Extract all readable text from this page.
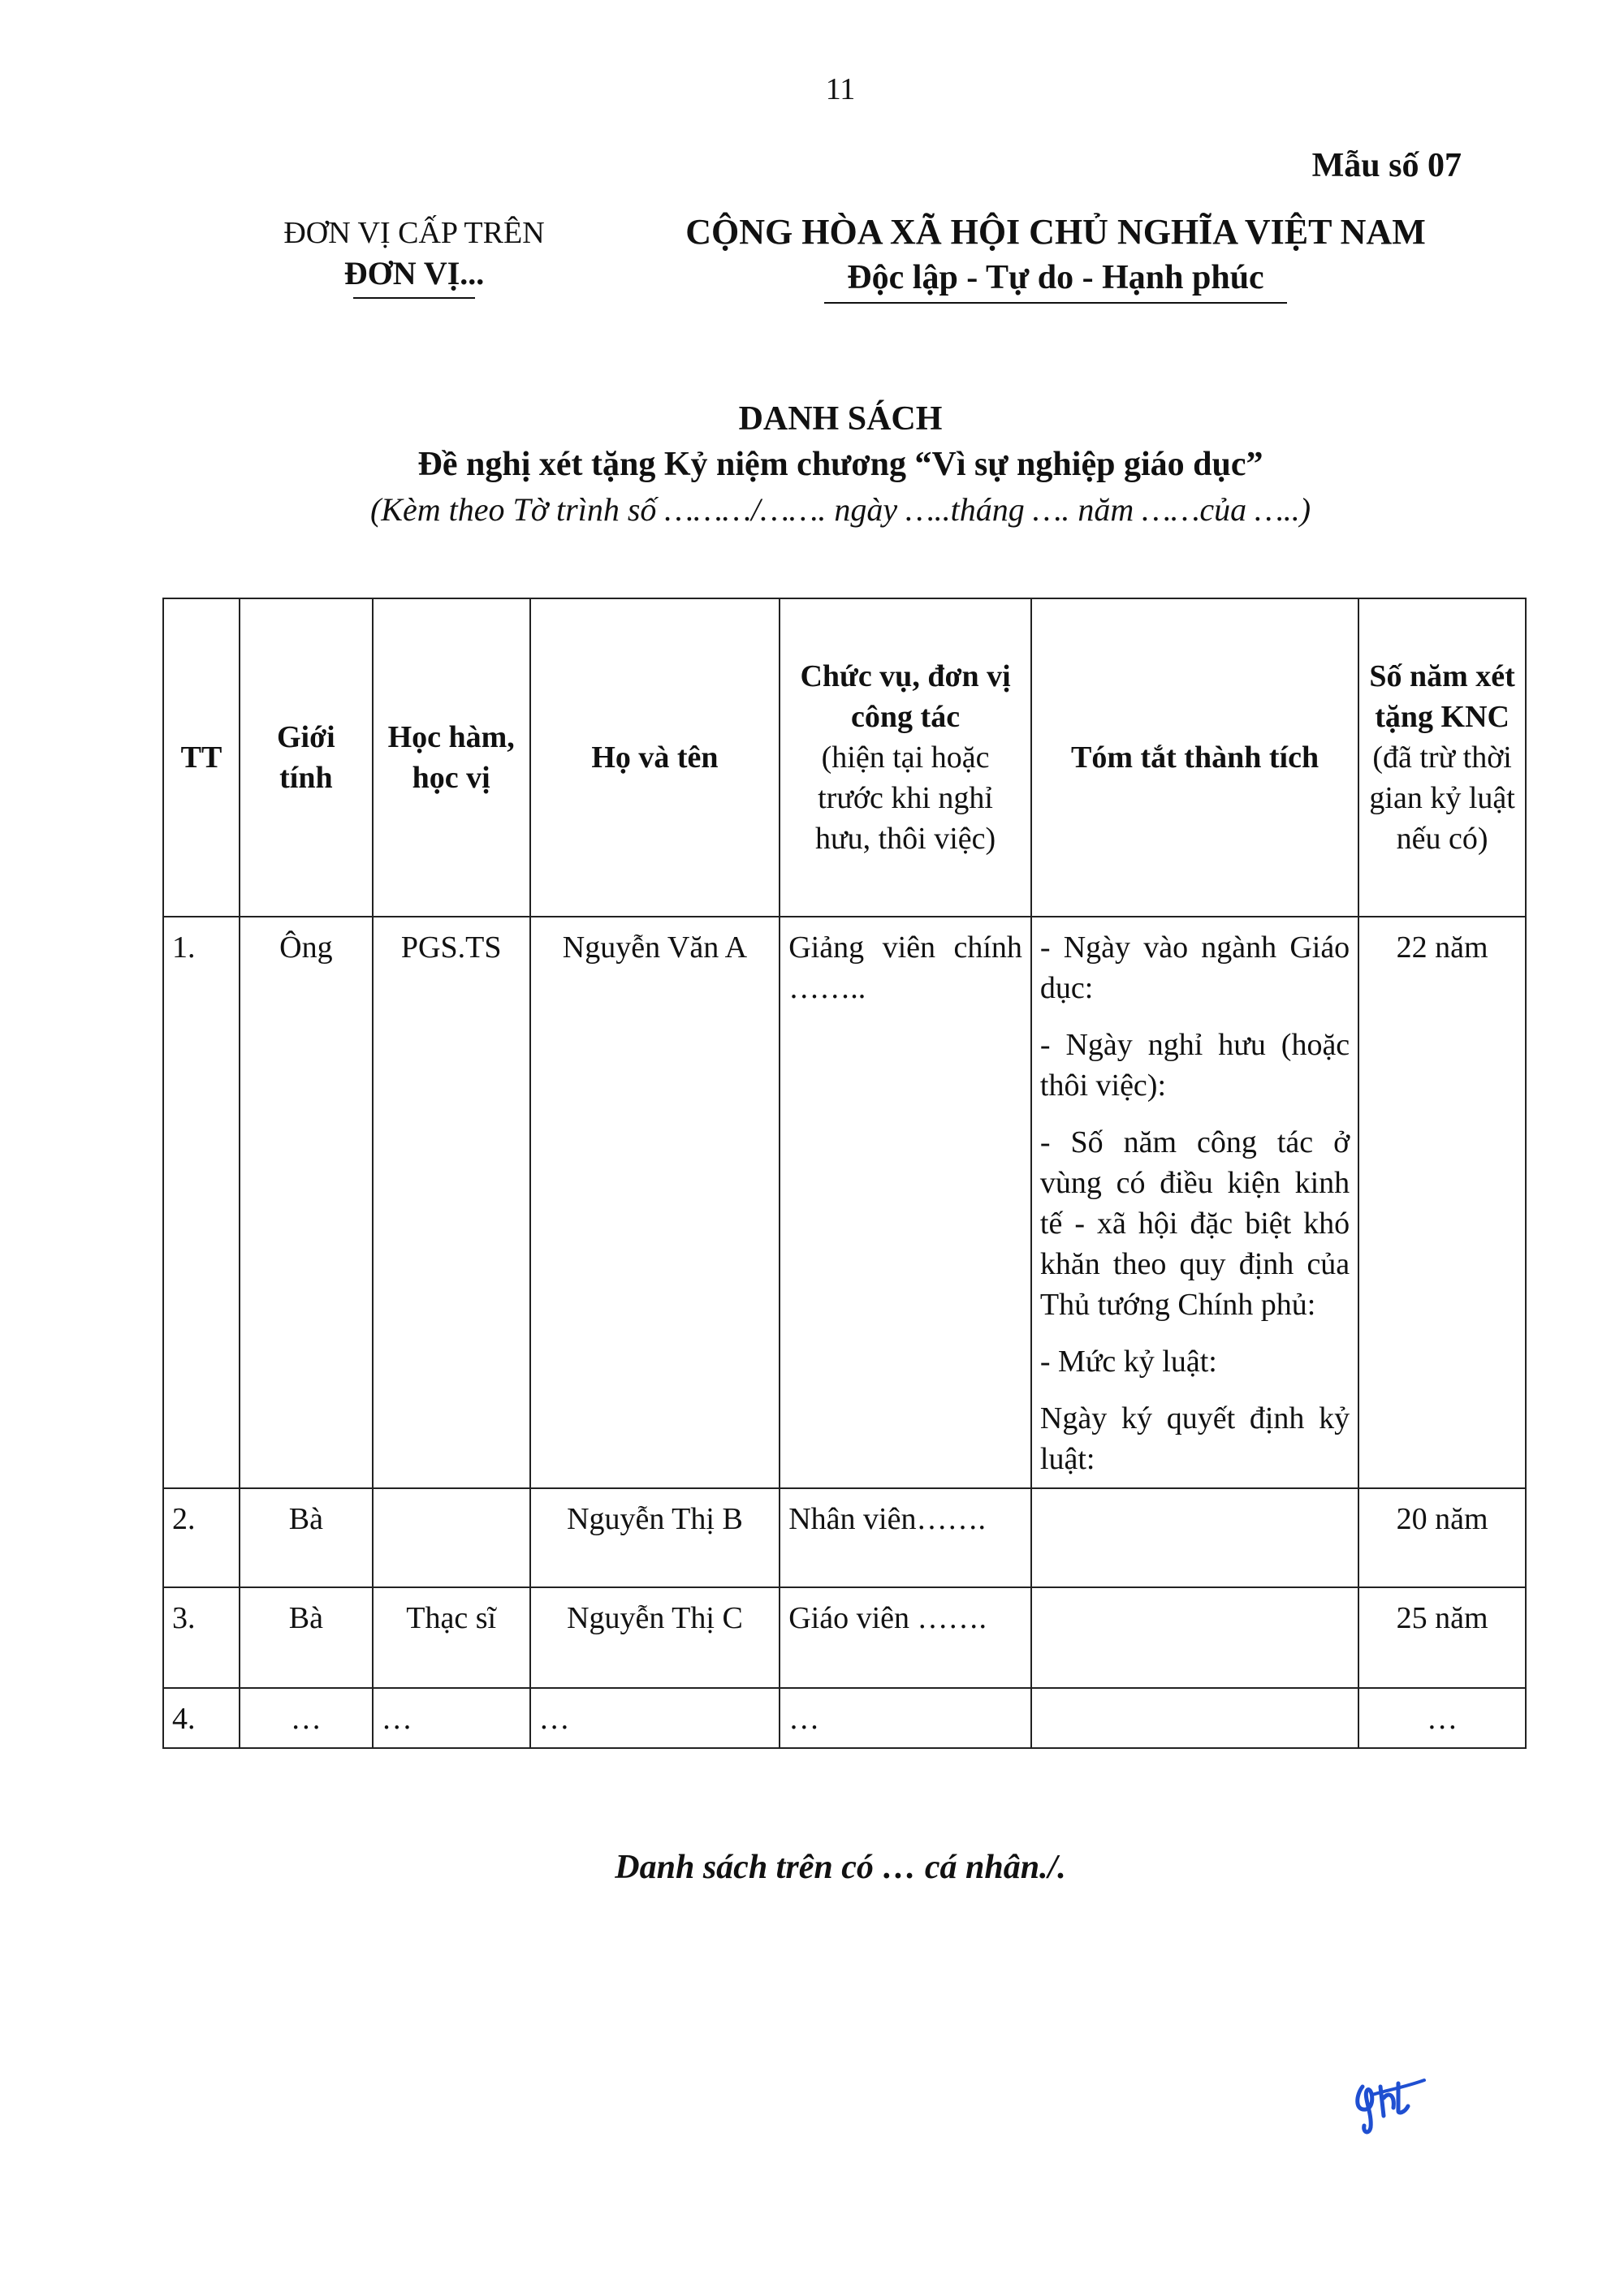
11
Mẫu số 07
ĐƠN VỊ CẤP TRÊN
ĐƠN VỊ...
CỘNG HÒA XÃ HỘI CHỦ NGHĨA VIỆT NAM
Độc lập - Tự do - Hạnh phúc
DANH SÁCH
Đề nghị xét tặng Kỷ niệm chương “Vì sự nghiệp giáo dục”
(Kèm theo Tờ trình số ………/……. ngày …..tháng …. năm ……của …..)
TT	Giới tính	Học hàm, học vị	Họ và tên	Chức vụ, đơn vị công tác
(hiện tại hoặc trước khi nghỉ hưu, thôi việc)	Tóm tắt thành tích	Số năm xét tặng KNC
(đã trừ thời gian kỷ luật nếu có)
1.	Ông	PGS.TS	Nguyễn Văn A	Giảng viên chính ……..	- Ngày vào ngành Giáo dục:
- Ngày nghỉ hưu (hoặc thôi việc):
- Số năm công tác ở vùng có điều kiện kinh tế - xã hội đặc biệt khó khăn theo quy định của Thủ tướng Chính phủ:
- Mức kỷ luật:
Ngày ký quyết định kỷ luật:	22 năm
2.	Bà		Nguyễn Thị B	Nhân viên…….		20 năm
3.	Bà	Thạc sĩ	Nguyễn Thị C	Giáo viên …….		25 năm
4.	…	…	…	…		…
Danh sách trên có … cá nhân./.
